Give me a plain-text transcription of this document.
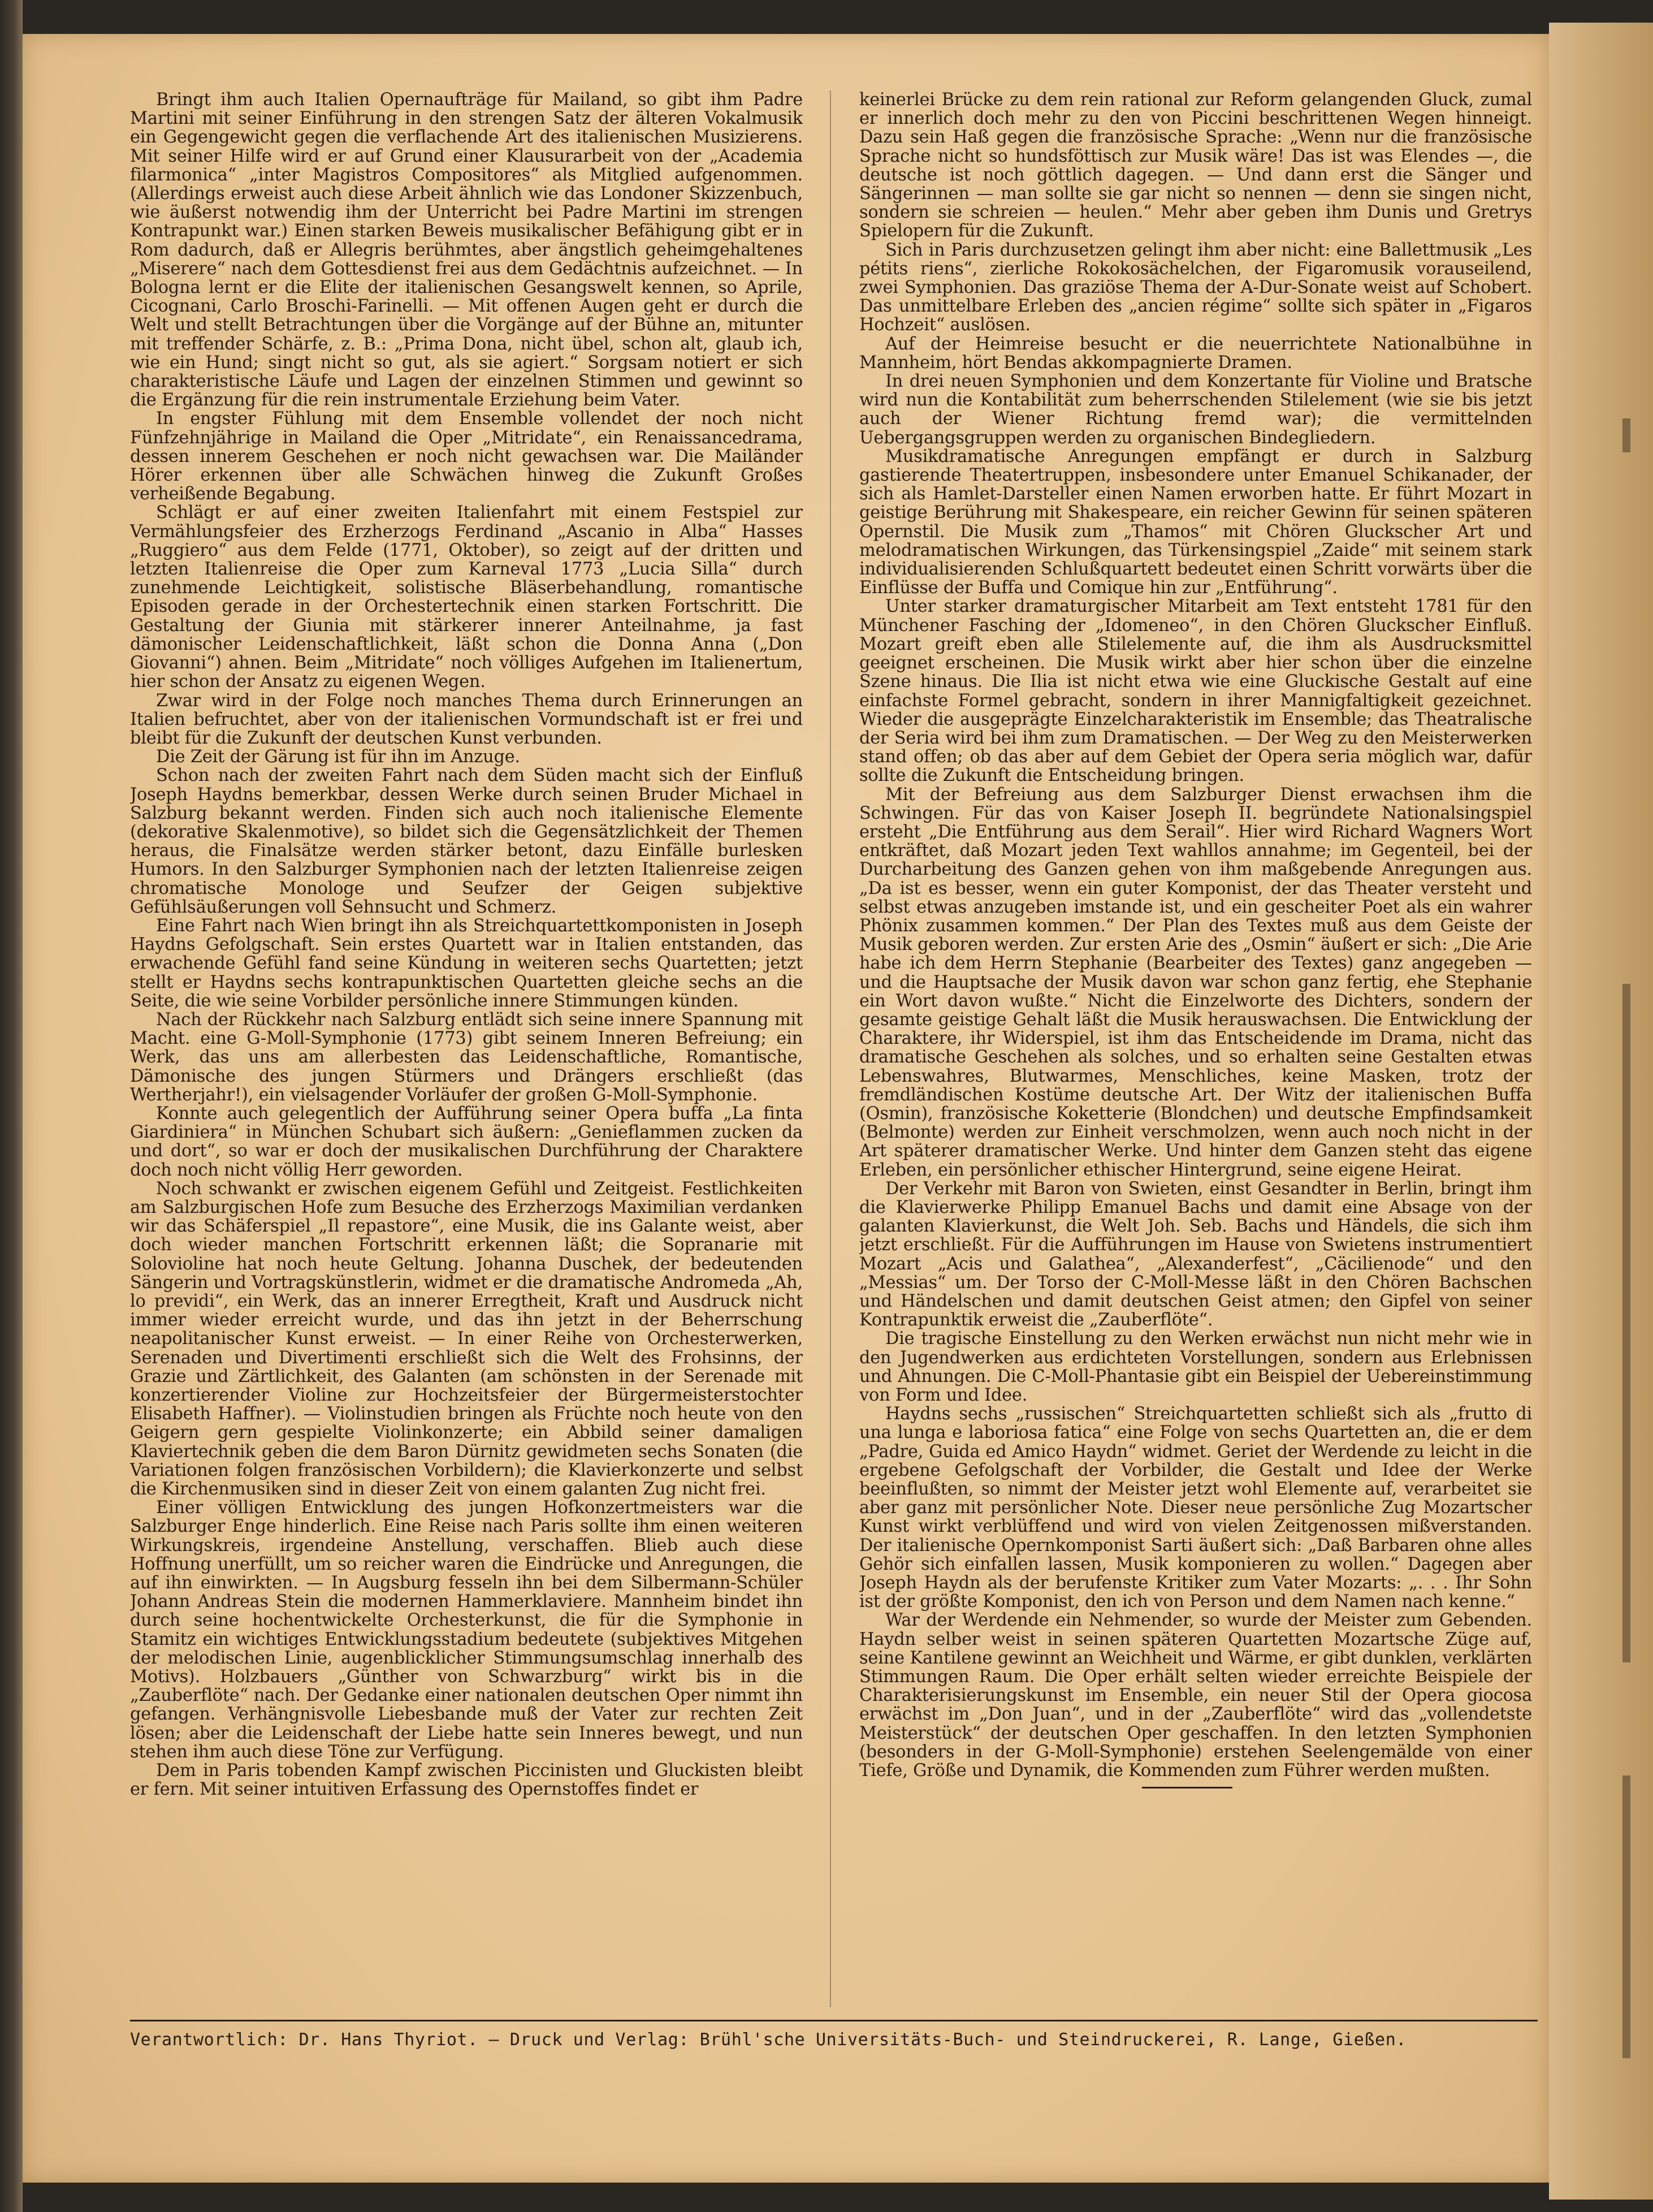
Bringt ihm auch Italien Opernaufträge für Mailand, so gibt ihm Padre Martini mit seiner Einführung in den strengen Satz der älteren Vokalmusik ein Gegengewicht gegen die verflachende Art des italienischen Musizierens. Mit seiner Hilfe wird er auf Grund einer Klausurarbeit von der „Academia filarmonica“ „inter Magistros Compositores“ als Mitglied aufgenommen. (Allerdings erweist auch diese Arbeit ähnlich wie das Londoner Skizzenbuch, wie äußerst notwendig ihm der Unterricht bei Padre Martini im strengen Kontrapunkt war.) Einen starken Beweis musikalischer Befähigung gibt er in Rom dadurch, daß er Allegris berühmtes, aber ängstlich geheimgehaltenes „Miserere“ nach dem Gottesdienst frei aus dem Gedächtnis aufzeichnet. — In Bologna lernt er die Elite der italienischen Gesangswelt kennen, so Aprile, Cicognani, Carlo Broschi-Farinelli. — Mit offenen Augen geht er durch die Welt und stellt Betrachtungen über die Vorgänge auf der Bühne an, mitunter mit treffender Schärfe, z. B.: „Prima Dona, nicht übel, schon alt, glaub ich, wie ein Hund; singt nicht so gut, als sie agiert.“ Sorgsam notiert er sich charakteristische Läufe und Lagen der einzelnen Stimmen und gewinnt so die Ergänzung für die rein instrumentale Erziehung beim Vater.

In engster Fühlung mit dem Ensemble vollendet der noch nicht Fünfzehnjährige in Mailand die Oper „Mitridate“, ein Renaissancedrama, dessen innerem Geschehen er noch nicht gewachsen war. Die Mailänder Hörer erkennen über alle Schwächen hinweg die Zukunft Großes verheißende Begabung.

Schlägt er auf einer zweiten Italienfahrt mit einem Festspiel zur Vermählungsfeier des Erzherzogs Ferdinand „Ascanio in Alba“ Hasses „Ruggiero“ aus dem Felde (1771, Oktober), so zeigt auf der dritten und letzten Italienreise die Oper zum Karneval 1773 „Lucia Silla“ durch zunehmende Leichtigkeit, solistische Bläserbehandlung, romantische Episoden gerade in der Orchestertechnik einen starken Fortschritt. Die Gestaltung der Giunia mit stärkerer innerer Anteilnahme, ja fast dämonischer Leidenschaftlichkeit, läßt schon die Donna Anna („Don Giovanni“) ahnen. Beim „Mitridate“ noch völliges Aufgehen im Italienertum, hier schon der Ansatz zu eigenen Wegen.

Zwar wird in der Folge noch manches Thema durch Erinnerungen an Italien befruchtet, aber von der italienischen Vormundschaft ist er frei und bleibt für die Zukunft der deutschen Kunst verbunden.

Die Zeit der Gärung ist für ihn im Anzuge.

Schon nach der zweiten Fahrt nach dem Süden macht sich der Einfluß Joseph Haydns bemerkbar, dessen Werke durch seinen Bruder Michael in Salzburg bekannt werden. Finden sich auch noch italienische Elemente (dekorative Skalenmotive), so bildet sich die Gegensätzlichkeit der Themen heraus, die Finalsätze werden stärker betont, dazu Einfälle burlesken Humors. In den Salzburger Symphonien nach der letzten Italienreise zeigen chromatische Monologe und Seufzer der Geigen subjektive Gefühlsäußerungen voll Sehnsucht und Schmerz.

Eine Fahrt nach Wien bringt ihn als Streichquartettkomponisten in Joseph Haydns Gefolgschaft. Sein erstes Quartett war in Italien entstanden, das erwachende Gefühl fand seine Kündung in weiteren sechs Quartetten; jetzt stellt er Haydns sechs kontrapunktischen Quartetten gleiche sechs an die Seite, die wie seine Vorbilder persönliche innere Stimmungen künden.

Nach der Rückkehr nach Salzburg entlädt sich seine innere Spannung mit Macht. eine G-Moll-Symphonie (1773) gibt seinem Inneren Befreiung; ein Werk, das uns am allerbesten das Leidenschaftliche, Romantische, Dämonische des jungen Stürmers und Drängers erschließt (das Wertherjahr!), ein vielsagender Vorläufer der großen G-Moll-Symphonie.

Konnte auch gelegentlich der Aufführung seiner Opera buffa „La finta Giardiniera“ in München Schubart sich äußern: „Genieflammen zucken da und dort“, so war er doch der musikalischen Durchführung der Charaktere doch noch nicht völlig Herr geworden.

Noch schwankt er zwischen eigenem Gefühl und Zeitgeist. Festlichkeiten am Salzburgischen Hofe zum Besuche des Erzherzogs Maximilian verdanken wir das Schäferspiel „Il repastore“, eine Musik, die ins Galante weist, aber doch wieder manchen Fortschritt erkennen läßt; die Sopranarie mit Solovioline hat noch heute Geltung. Johanna Duschek, der bedeutenden Sängerin und Vortragskünstlerin, widmet er die dramatische Andromeda „Ah, lo previdi“, ein Werk, das an innerer Erregtheit, Kraft und Ausdruck nicht immer wieder erreicht wurde, und das ihn jetzt in der Beherrschung neapolitanischer Kunst erweist. — In einer Reihe von Orchesterwerken, Serenaden und Divertimenti erschließt sich die Welt des Frohsinns, der Grazie und Zärtlichkeit, des Galanten (am schönsten in der Serenade mit konzertierender Violine zur Hochzeitsfeier der Bürgermeisterstochter Elisabeth Haffner). — Violinstudien bringen als Früchte noch heute von den Geigern gern gespielte Violinkonzerte; ein Abbild seiner damaligen Klaviertechnik geben die dem Baron Dürnitz gewidmeten sechs Sonaten (die Variationen folgen französischen Vorbildern); die Klavierkonzerte und selbst die Kirchenmusiken sind in dieser Zeit von einem galanten Zug nicht frei.

Einer völligen Entwicklung des jungen Hofkonzertmeisters war die Salzburger Enge hinderlich. Eine Reise nach Paris sollte ihm einen weiteren Wirkungskreis, irgendeine Anstellung, verschaffen. Blieb auch diese Hoffnung unerfüllt, um so reicher waren die Eindrücke und Anregungen, die auf ihn einwirkten. — In Augsburg fesseln ihn bei dem Silbermann-Schüler Johann Andreas Stein die modernen Hammerklaviere. Mannheim bindet ihn durch seine hochentwickelte Orchesterkunst, die für die Symphonie in Stamitz ein wichtiges Entwicklungsstadium bedeutete (subjektives Mitgehen der melodischen Linie, augenblicklicher Stimmungsumschlag innerhalb des Motivs). Holzbauers „Günther von Schwarzburg“ wirkt bis in die „Zauberflöte“ nach. Der Gedanke einer nationalen deutschen Oper nimmt ihn gefangen. Verhängnisvolle Liebesbande muß der Vater zur rechten Zeit lösen; aber die Leidenschaft der Liebe hatte sein Inneres bewegt, und nun stehen ihm auch diese Töne zur Verfügung.

Dem in Paris tobenden Kampf zwischen Piccinisten und Gluckisten bleibt er fern. Mit seiner intuitiven Erfassung des Opernstoffes findet er

keinerlei Brücke zu dem rein rational zur Reform gelangenden Gluck, zumal er innerlich doch mehr zu den von Piccini beschrittenen Wegen hinneigt. Dazu sein Haß gegen die französische Sprache: „Wenn nur die französische Sprache nicht so hundsföttisch zur Musik wäre! Das ist was Elendes —, die deutsche ist noch göttlich dagegen. — Und dann erst die Sänger und Sängerinnen — man sollte sie gar nicht so nennen — denn sie singen nicht, sondern sie schreien — heulen.“ Mehr aber geben ihm Dunis und Gretrys Spielopern für die Zukunft.

Sich in Paris durchzusetzen gelingt ihm aber nicht: eine Ballettmusik „Les pétits riens“, zierliche Rokokosächelchen, der Figaromusik vorauseilend, zwei Symphonien. Das graziöse Thema der A-Dur-Sonate weist auf Schobert. Das unmittelbare Erleben des „ancien régime“ sollte sich später in „Figaros Hochzeit“ auslösen.

Auf der Heimreise besucht er die neuerrichtete Nationalbühne in Mannheim, hört Bendas akkompagnierte Dramen.

In drei neuen Symphonien und dem Konzertante für Violine und Bratsche wird nun die Kontabilität zum beherrschenden Stilelement (wie sie bis jetzt auch der Wiener Richtung fremd war); die vermittelnden Uebergangsgruppen werden zu organischen Bindegliedern.

Musikdramatische Anregungen empfängt er durch in Salzburg gastierende Theatertruppen, insbesondere unter Emanuel Schikanader, der sich als Hamlet-Darsteller einen Namen erworben hatte. Er führt Mozart in geistige Berührung mit Shakespeare, ein reicher Gewinn für seinen späteren Opernstil. Die Musik zum „Thamos“ mit Chören Gluckscher Art und melodramatischen Wirkungen, das Türkensingspiel „Zaide“ mit seinem stark individualisierenden Schlußquartett bedeutet einen Schritt vorwärts über die Einflüsse der Buffa und Comique hin zur „Entführung“.

Unter starker dramaturgischer Mitarbeit am Text entsteht 1781 für den Münchener Fasching der „Idomeneo“, in den Chören Gluckscher Einfluß. Mozart greift eben alle Stilelemente auf, die ihm als Ausdrucksmittel geeignet erscheinen. Die Musik wirkt aber hier schon über die einzelne Szene hinaus. Die Ilia ist nicht etwa wie eine Gluckische Gestalt auf eine einfachste Formel gebracht, sondern in ihrer Mannigfaltigkeit gezeichnet. Wieder die ausgeprägte Einzelcharakteristik im Ensemble; das Theatralische der Seria wird bei ihm zum Dramatischen. — Der Weg zu den Meisterwerken stand offen; ob das aber auf dem Gebiet der Opera seria möglich war, dafür sollte die Zukunft die Entscheidung bringen.

Mit der Befreiung aus dem Salzburger Dienst erwachsen ihm die Schwingen. Für das von Kaiser Joseph II. begründete Nationalsingspiel ersteht „Die Entführung aus dem Serail“. Hier wird Richard Wagners Wort entkräftet, daß Mozart jeden Text wahllos annahme; im Gegenteil, bei der Durcharbeitung des Ganzen gehen von ihm maßgebende Anregungen aus. „Da ist es besser, wenn ein guter Komponist, der das Theater versteht und selbst etwas anzugeben imstande ist, und ein gescheiter Poet als ein wahrer Phönix zusammen kommen.“ Der Plan des Textes muß aus dem Geiste der Musik geboren werden. Zur ersten Arie des „Osmin“ äußert er sich: „Die Arie habe ich dem Herrn Stephanie (Bearbeiter des Textes) ganz angegeben — und die Hauptsache der Musik davon war schon ganz fertig, ehe Stephanie ein Wort davon wußte.“ Nicht die Einzelworte des Dichters, sondern der gesamte geistige Gehalt läßt die Musik herauswachsen. Die Entwicklung der Charaktere, ihr Widerspiel, ist ihm das Entscheidende im Drama, nicht das dramatische Geschehen als solches, und so erhalten seine Gestalten etwas Lebenswahres, Blutwarmes, Menschliches, keine Masken, trotz der fremdländischen Kostüme deutsche Art. Der Witz der italienischen Buffa (Osmin), französische Koketterie (Blondchen) und deutsche Empfindsamkeit (Belmonte) werden zur Einheit verschmolzen, wenn auch noch nicht in der Art späterer dramatischer Werke. Und hinter dem Ganzen steht das eigene Erleben, ein persönlicher ethischer Hintergrund, seine eigene Heirat.

Der Verkehr mit Baron von Swieten, einst Gesandter in Berlin, bringt ihm die Klavierwerke Philipp Emanuel Bachs und damit eine Absage von der galanten Klavierkunst, die Welt Joh. Seb. Bachs und Händels, die sich ihm jetzt erschließt. Für die Aufführungen im Hause von Swietens instrumentiert Mozart „Acis und Galathea“, „Alexanderfest“, „Cäcilienode“ und den „Messias“ um. Der Torso der C-Moll-Messe läßt in den Chören Bachschen und Händelschen und damit deutschen Geist atmen; den Gipfel von seiner Kontrapunktik erweist die „Zauberflöte“.

Die tragische Einstellung zu den Werken erwächst nun nicht mehr wie in den Jugendwerken aus erdichteten Vorstellungen, sondern aus Erlebnissen und Ahnungen. Die C-Moll-Phantasie gibt ein Beispiel der Uebereinstimmung von Form und Idee.

Haydns sechs „russischen“ Streichquartetten schließt sich als „frutto di una lunga e laboriosa fatica“ eine Folge von sechs Quartetten an, die er dem „Padre, Guida ed Amico Haydn“ widmet. Geriet der Werdende zu leicht in die ergebene Gefolgschaft der Vorbilder, die Gestalt und Idee der Werke beeinflußten, so nimmt der Meister jetzt wohl Elemente auf, verarbeitet sie aber ganz mit persönlicher Note. Dieser neue persönliche Zug Mozartscher Kunst wirkt verblüffend und wird von vielen Zeitgenossen mißverstanden. Der italienische Opernkomponist Sarti äußert sich: „Daß Barbaren ohne alles Gehör sich einfallen lassen, Musik komponieren zu wollen.“ Dagegen aber Joseph Haydn als der berufenste Kritiker zum Vater Mozarts: „. . . Ihr Sohn ist der größte Komponist, den ich von Person und dem Namen nach kenne.“

War der Werdende ein Nehmender, so wurde der Meister zum Gebenden. Haydn selber weist in seinen späteren Quartetten Mozartsche Züge auf, seine Kantilene gewinnt an Weichheit und Wärme, er gibt dunklen, verklärten Stimmungen Raum. Die Oper erhält selten wieder erreichte Beispiele der Charakterisierungskunst im Ensemble, ein neuer Stil der Opera giocosa erwächst im „Don Juan“, und in der „Zauberflöte“ wird das „vollendetste Meisterstück“ der deutschen Oper geschaffen. In den letzten Symphonien (besonders in der G-Moll-Symphonie) erstehen Seelengemälde von einer Tiefe, Größe und Dynamik, die Kommenden zum Führer werden mußten.

Verantwortlich: Dr. Hans Thyriot. — Druck und Verlag: Brühl'sche Universitäts-Buch- und Steindruckerei, R. Lange, Gießen.
